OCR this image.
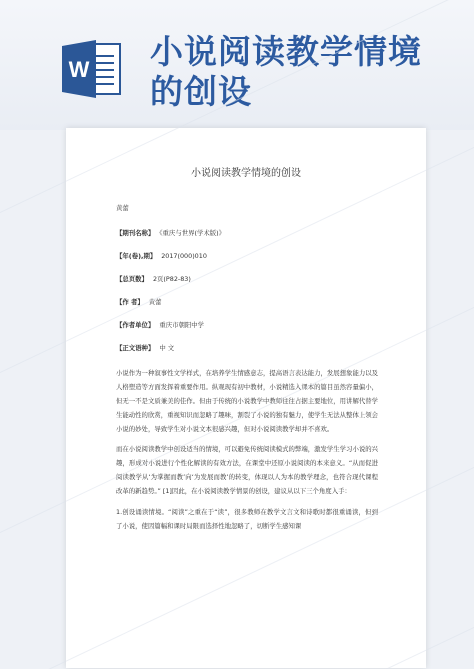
W 小说阅读教学情境
的创设
小说阅读教学情境的创设
黄蕾
【期刊名称】 《重庆与世界(学术版)》
【年(卷),期】 2017(000)010
【总页数】 2页(P82-83)
【作 者】 黄蕾
【作者单位】 重庆市朝阳中学
【正文语种】 中 文

小说作为一种叙事性文学样式，在培养学生情感意志，提高语言表达能力，发展想象能力以及人格塑造等方面发挥着重要作用。纵观现有初中教材，小说精选入课本的篇目虽然容量偏小，但无一不是文质兼美的佳作。但由于传统的小说教学中教师往往占据主要地位，用讲解代替学生能动性的欣赏，重视知识而忽略了趣味，割裂了小说的独有魅力，使学生无法从整体上领会小说的妙处，导致学生对小说文本很感兴趣，但对小说阅读教学却并不喜欢。

而在小说阅读教学中创设适当的情境，可以避免传统阅读模式的弊端，激发学生学习小说的兴趣，形成对小说进行个性化解读的有效方法，在课堂中还原小说阅读的本来意义。“从而促进阅读教学从‘为掌握而教’向‘为发展而教’的转变，体现以人为本的教学理念，也符合现代课程改革的新趋势。” [1]因此，在小说阅读教学情景的创设，建议从以下三个角度入手：

1.创设诵读情境。“阅读”之重在于“读”，很多教师在教学文言文和诗歌时都很重诵读，但到了小说，使因篇幅和课时局限而选择性地忽略了，切断学生感知课
